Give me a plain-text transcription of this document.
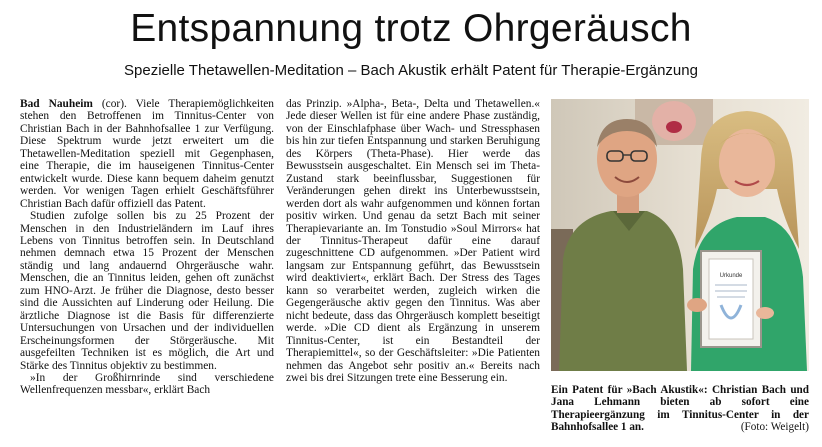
Entspannung trotz Ohrgeräusch
Spezielle Thetawellen-Meditation – Bach Akustik erhält Patent für Therapie-Ergänzung

Bad Nauheim (cor). Viele Therapiemöglichkeiten stehen den Betroffenen im Tinnitus-Center von Christian Bach in der Bahnhofsallee 1 zur Verfügung. Diese Spektrum wurde jetzt erweitert um die Thetawellen-Meditation speziell mit Gegenphasen, eine Therapie, die im hauseigenen Tinnitus-Center entwickelt wurde. Diese kann bequem daheim genutzt werden. Vor wenigen Tagen erhielt Geschäftsführer Christian Bach dafür offiziell das Patent.

Studien zufolge sollen bis zu 25 Prozent der Menschen in den Industrieländern im Lauf ihres Lebens von Tinnitus betroffen sein. In Deutschland nehmen demnach etwa 15 Prozent der Menschen ständig und lang andauernd Ohrgeräusche wahr. Menschen, die an Tinnitus leiden, gehen oft zunächst zum HNO-Arzt. Je früher die Diagnose, desto besser sind die Aussichten auf Linderung oder Heilung. Die ärztliche Diagnose ist die Basis für differenzierte Untersuchungen von Ursachen und der individuellen Erscheinungsformen der Störgeräusche. Mit ausgefeilten Techniken ist es möglich, die Art und Stärke des Tinnitus objektiv zu bestimmen.

»In der Großhirnrinde sind verschiedene Wellenfrequenzen messbar«, erklärt Bach

das Prinzip. »Alpha-, Beta-, Delta und Thetawellen.« Jede dieser Wellen ist für eine andere Phase zuständig, von der Einschlafphase über Wach- und Stressphasen bis hin zur tiefen Entspannung und starken Beruhigung des Körpers (Theta-Phase). Hier werde das Bewusstsein ausgeschaltet. Ein Mensch sei im Theta-Zustand stark beeinflussbar, Suggestionen für Veränderungen gehen direkt ins Unterbewusstsein, werden dort als wahr aufgenommen und können fortan positiv wirken. Und genau da setzt Bach mit seiner Therapievariante an. Im Tonstudio »Soul Mirrors« hat der Tinnitus-Therapeut dafür eine darauf zugeschnittene CD aufgenommen. »Der Patient wird langsam zur Entspannung geführt, das Bewusstsein wird deaktiviert«, erklärt Bach. Der Stress des Tages kann so verarbeitet werden, zugleich wirken die Gegengeräusche aktiv gegen den Tinnitus. Was aber nicht bedeute, dass das Ohrgeräusch komplett beseitigt werde. »Die CD dient als Ergänzung in unserem Tinnitus-Center, ist ein Bestandteil der Therapiemittel«, so der Geschäftsleiter: »Die Patienten nehmen das Angebot sehr positiv an.« Bereits nach zwei bis drei Sitzungen trete eine Besserung ein.

Urkunde
Ein Patent für »Bach Akustik«: Christian Bach und Jana Lehmann bieten ab sofort eine Therapieergänzung im Tinnitus-Center in der Bahnhofsallee 1 an.	(Foto: Weigelt)
